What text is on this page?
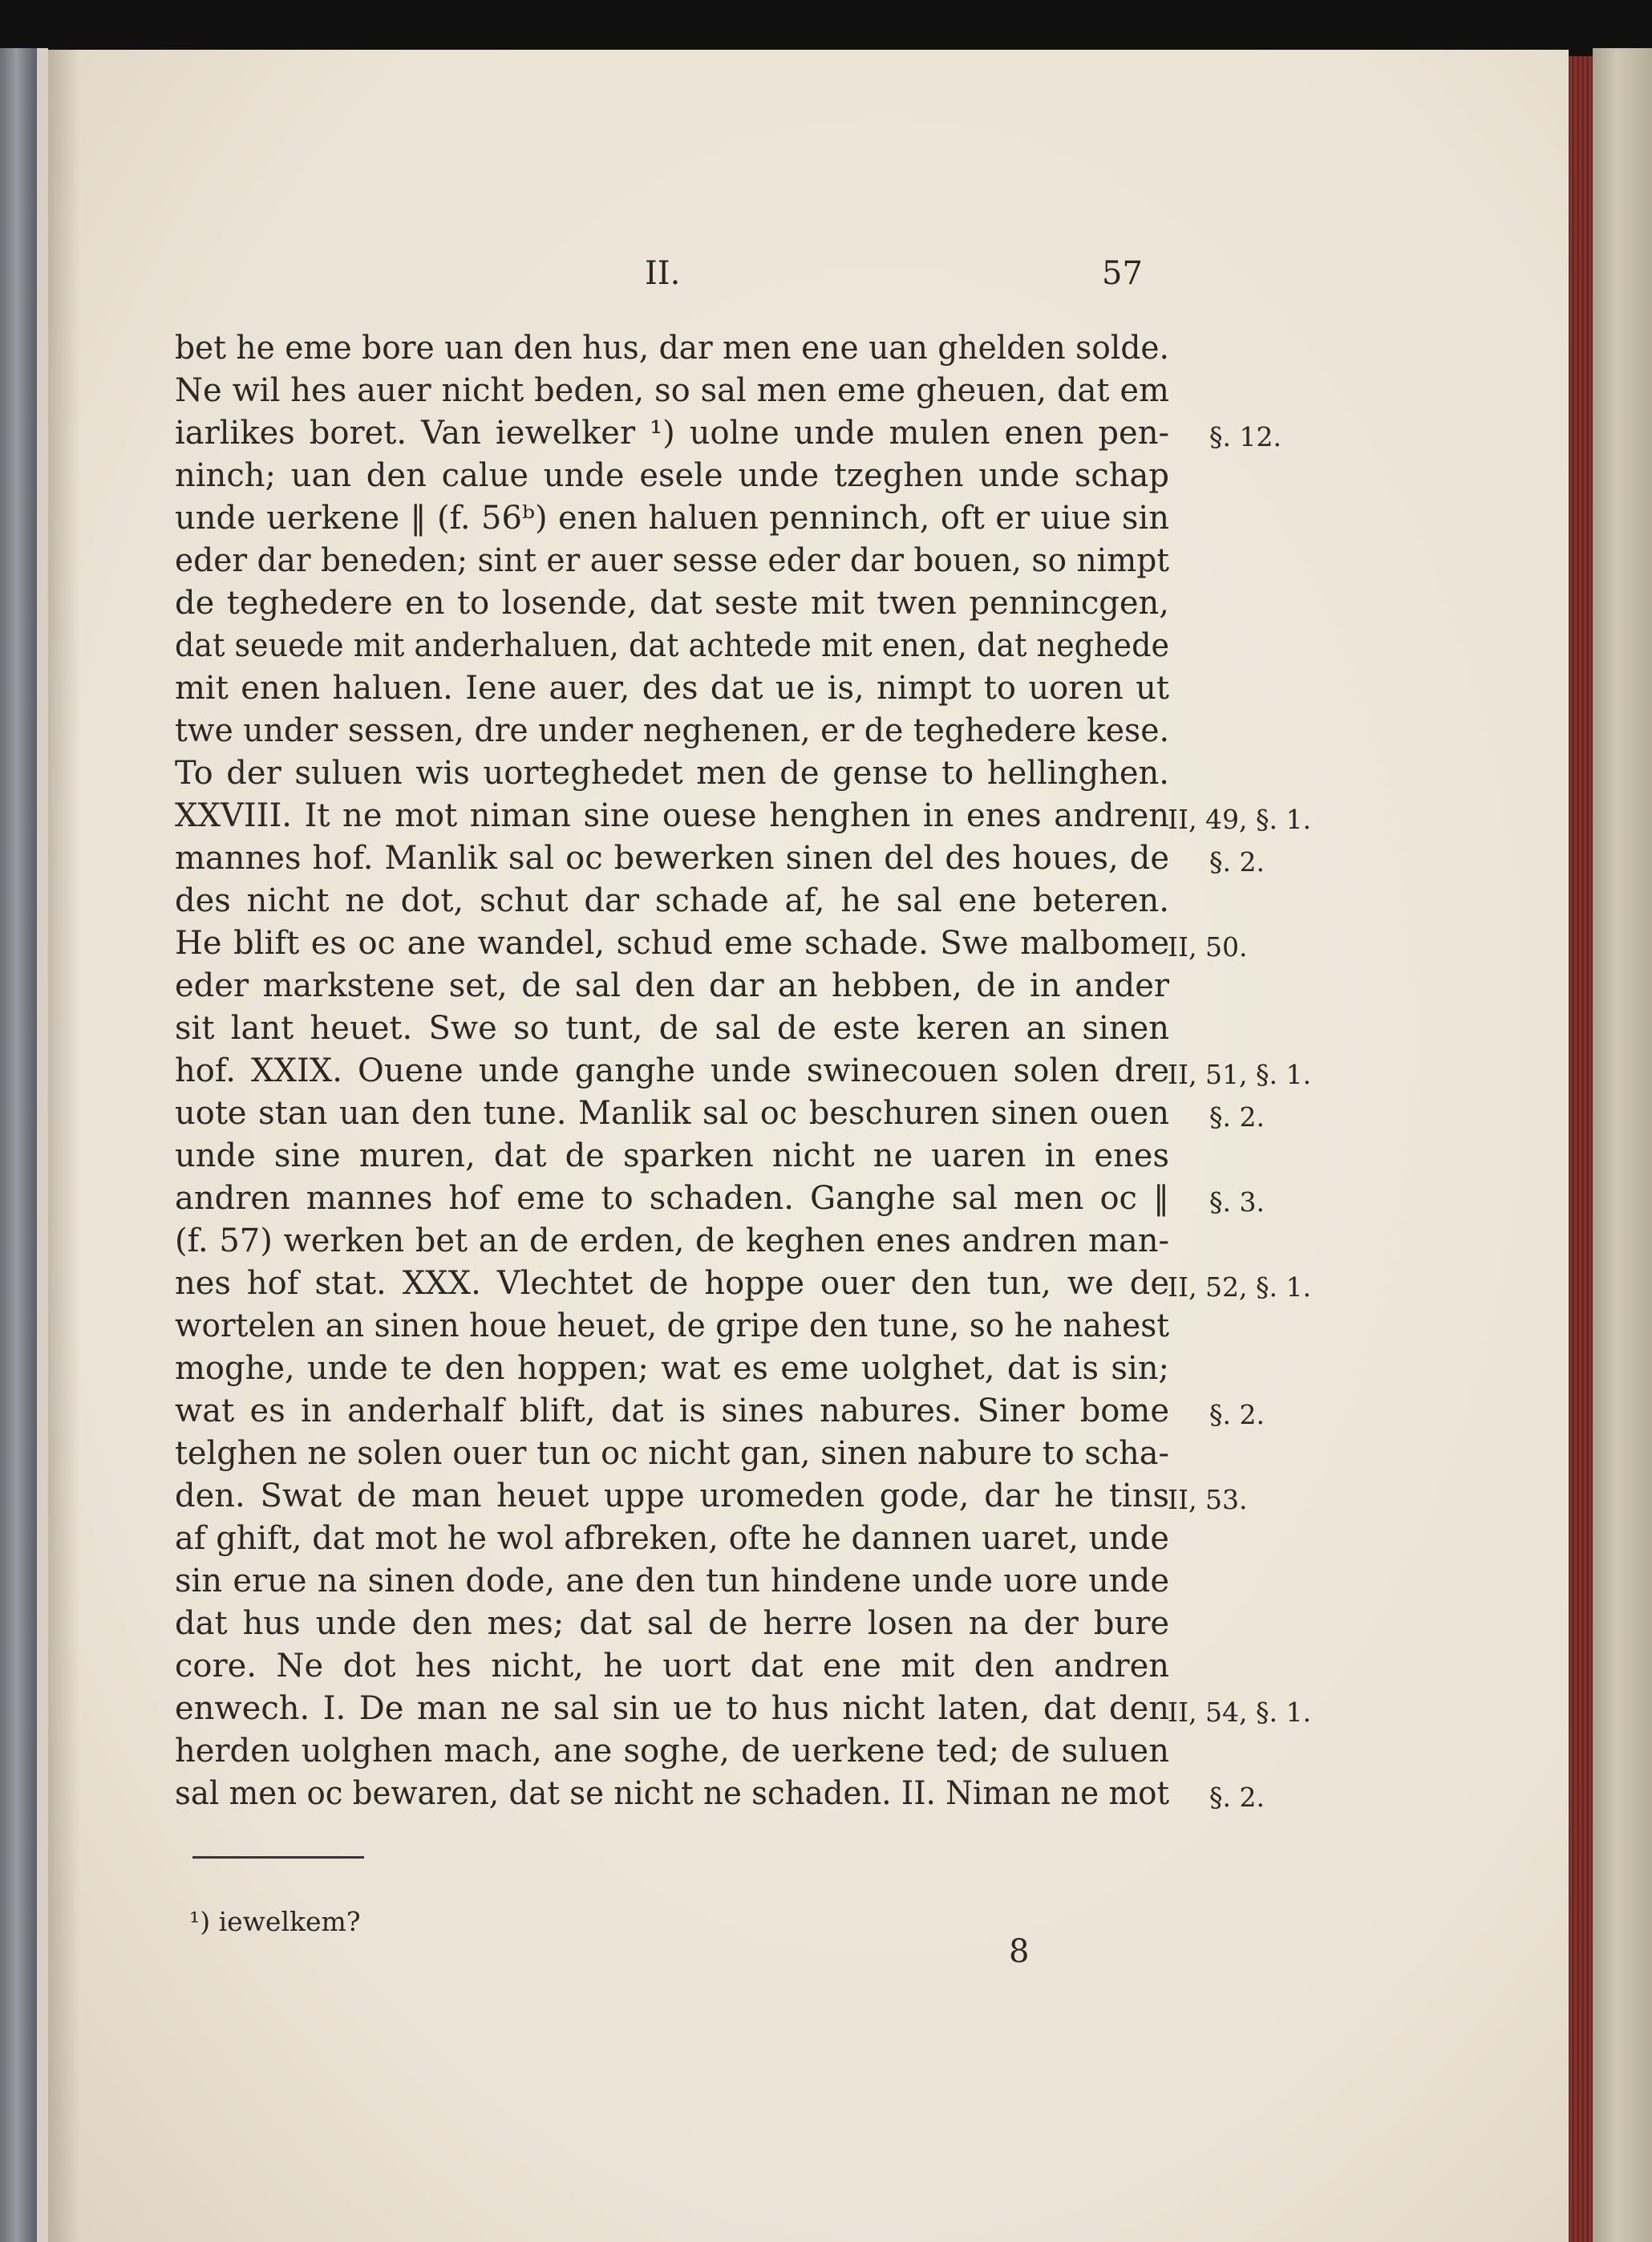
II.	57
bet he eme bore uan den hus, dar men ene uan ghelden solde.
Ne wil hes auer nicht beden, so sal men eme gheuen, dat em
iarlikes boret. Van iewelker ¹) uolne unde mulen enen pen-
ninch; uan den calue unde esele unde tzeghen unde schap
unde uerkene ‖ (f. 56ᵇ) enen haluen penninch, oft er uiue sin
eder dar beneden; sint er auer sesse eder dar bouen, so nimpt
de teghedere en to losende, dat seste mit twen pennincgen,
dat seuede mit anderhaluen, dat achtede mit enen, dat neghede
mit enen haluen. Iene auer, des dat ue is, nimpt to uoren ut
twe under sessen, dre under neghenen, er de teghedere kese.
To der suluen wis uorteghedet men de gense to hellinghen.
XXVIII. It ne mot niman sine ouese henghen in enes andren
mannes hof. Manlik sal oc bewerken sinen del des houes, de
des nicht ne dot, schut dar schade af, he sal ene beteren.
He blift es oc ane wandel, schud eme schade. Swe malbome
eder markstene set, de sal den dar an hebben, de in ander
sit lant heuet. Swe so tunt, de sal de este keren an sinen
hof. XXIX. Ouene unde ganghe unde swinecouen solen dre
uote stan uan den tune. Manlik sal oc beschuren sinen ouen
unde sine muren, dat de sparken nicht ne uaren in enes
andren mannes hof eme to schaden. Ganghe sal men oc ‖
(f. 57) werken bet an de erden, de keghen enes andren man-
nes hof stat. XXX. Vlechtet de hoppe ouer den tun, we de
wortelen an sinen houe heuet, de gripe den tune, so he nahest
moghe, unde te den hoppen; wat es eme uolghet, dat is sin;
wat es in anderhalf blift, dat is sines nabures. Siner bome
telghen ne solen ouer tun oc nicht gan, sinen nabure to scha-
den. Swat de man heuet uppe uromeden gode, dar he tins
af ghift, dat mot he wol afbreken, ofte he dannen uaret, unde
sin erue na sinen dode, ane den tun hindene unde uore unde
dat hus unde den mes; dat sal de herre losen na der bure
core. Ne dot hes nicht, he uort dat ene mit den andren
enwech. I. De man ne sal sin ue to hus nicht laten, dat den
herden uolghen mach, ane soghe, de uerkene ted; de suluen
sal men oc bewaren, dat se nicht ne schaden. II. Niman ne mot
¹) iewelkem?
8
§. 12.
II, 49, §. 1.
§. 2.
II, 50.
II, 51, §. 1.
§. 2.
§. 3.
II, 52, §. 1.
§. 2.
II, 53.
II, 54, §. 1.
§. 2.
